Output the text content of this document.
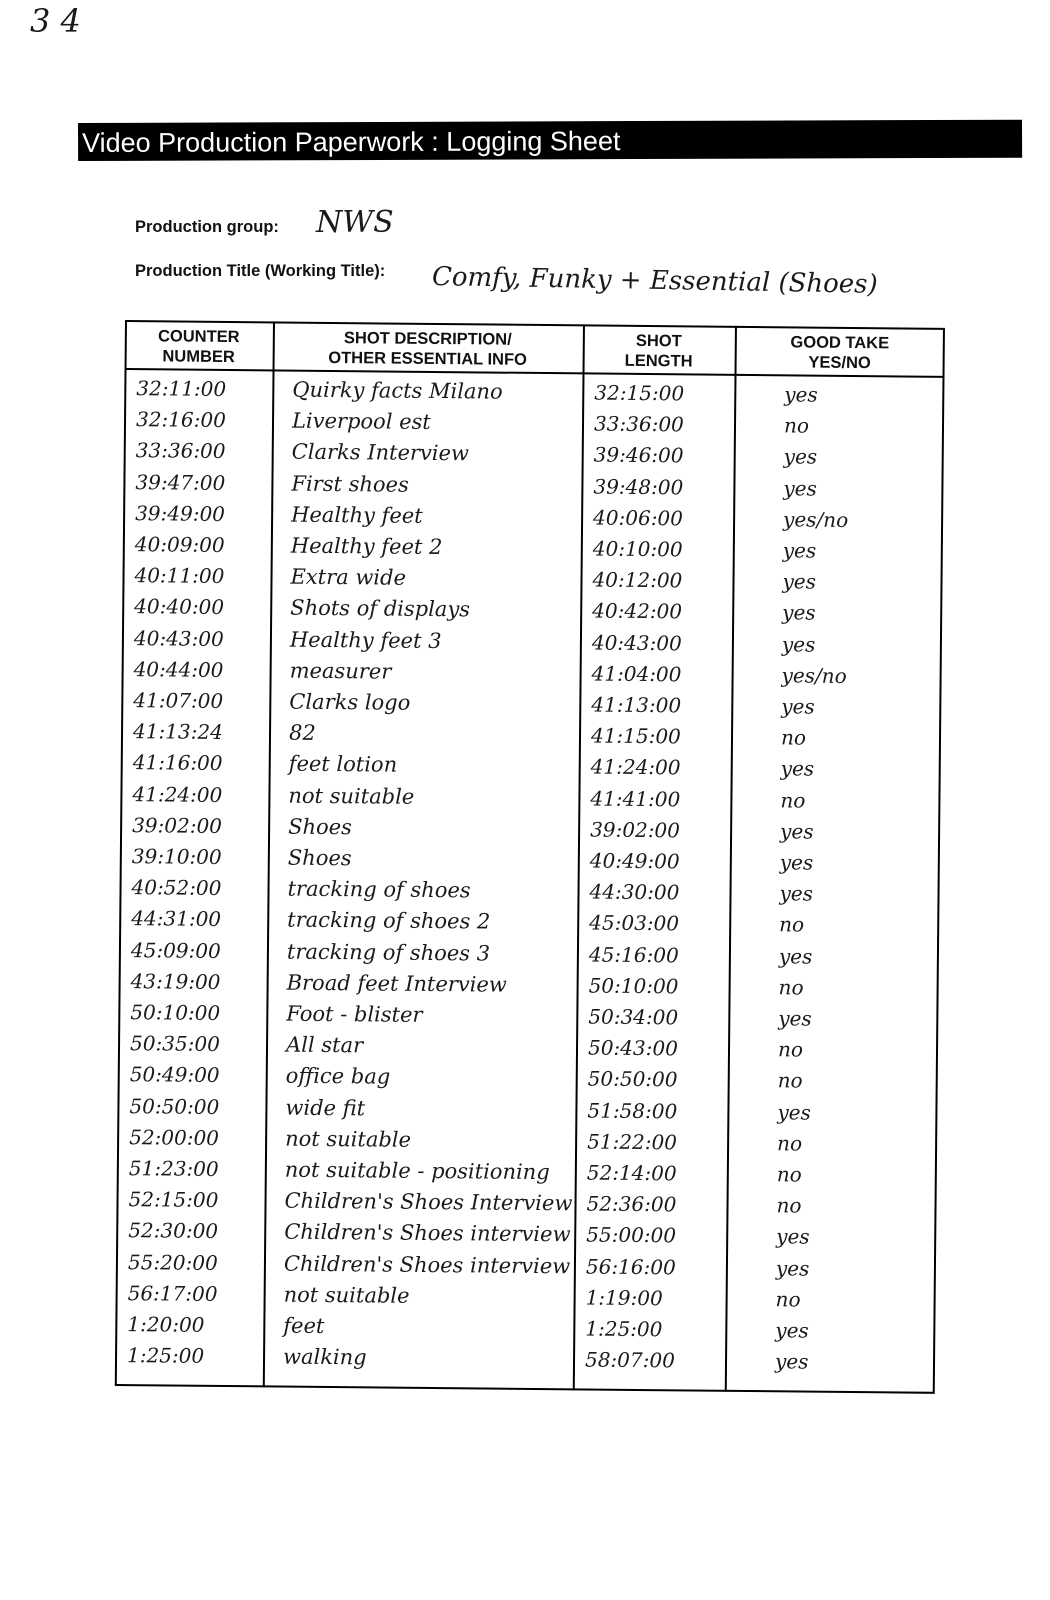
3 4
Video Production Paperwork : Logging Sheet
Production group: NWS
Production Title (Working Title): Comfy, Funky + Essential (Shoes)
COUNTER
NUMBER
SHOT DESCRIPTION/
OTHER ESSENTIAL INFO
SHOT
LENGTH
GOOD TAKE
YES/NO
32:11:00	Quirky facts Milano	32:15:00	yes
32:16:00	Liverpool est	33:36:00	no
33:36:00	Clarks Interview	39:46:00	yes
39:47:00	First shoes	39:48:00	yes
39:49:00	Healthy feet	40:06:00	yes/no
40:09:00	Healthy feet 2	40:10:00	yes
40:11:00	Extra wide	40:12:00	yes
40:40:00	Shots of displays	40:42:00	yes
40:43:00	Healthy feet 3	40:43:00	yes
40:44:00	measurer	41:04:00	yes/no
41:07:00	Clarks logo	41:13:00	yes
41:13:24	82	41:15:00	no
41:16:00	feet lotion	41:24:00	yes
41:24:00	not suitable	41:41:00	no
39:02:00	Shoes	39:02:00	yes
39:10:00	Shoes	40:49:00	yes
40:52:00	tracking of shoes	44:30:00	yes
44:31:00	tracking of shoes 2	45:03:00	no
45:09:00	tracking of shoes 3	45:16:00	yes
43:19:00	Broad feet Interview	50:10:00	no
50:10:00	Foot - blister	50:34:00	yes
50:35:00	All star	50:43:00	no
50:49:00	office bag	50:50:00	no
50:50:00	wide fit	51:58:00	yes
52:00:00	not suitable	51:22:00	no
51:23:00	not suitable - positioning 52:14:00	no
52:15:00	Children's Shoes Interview 52:36:00	no
52:30:00	Children's Shoes interview 55:00:00	yes
55:20:00	Children's Shoes interview 56:16:00	yes
56:17:00	not suitable	1:19:00	no
1:20:00	feet	1:25:00	yes
1:25:00	walking	58:07:00	yes
